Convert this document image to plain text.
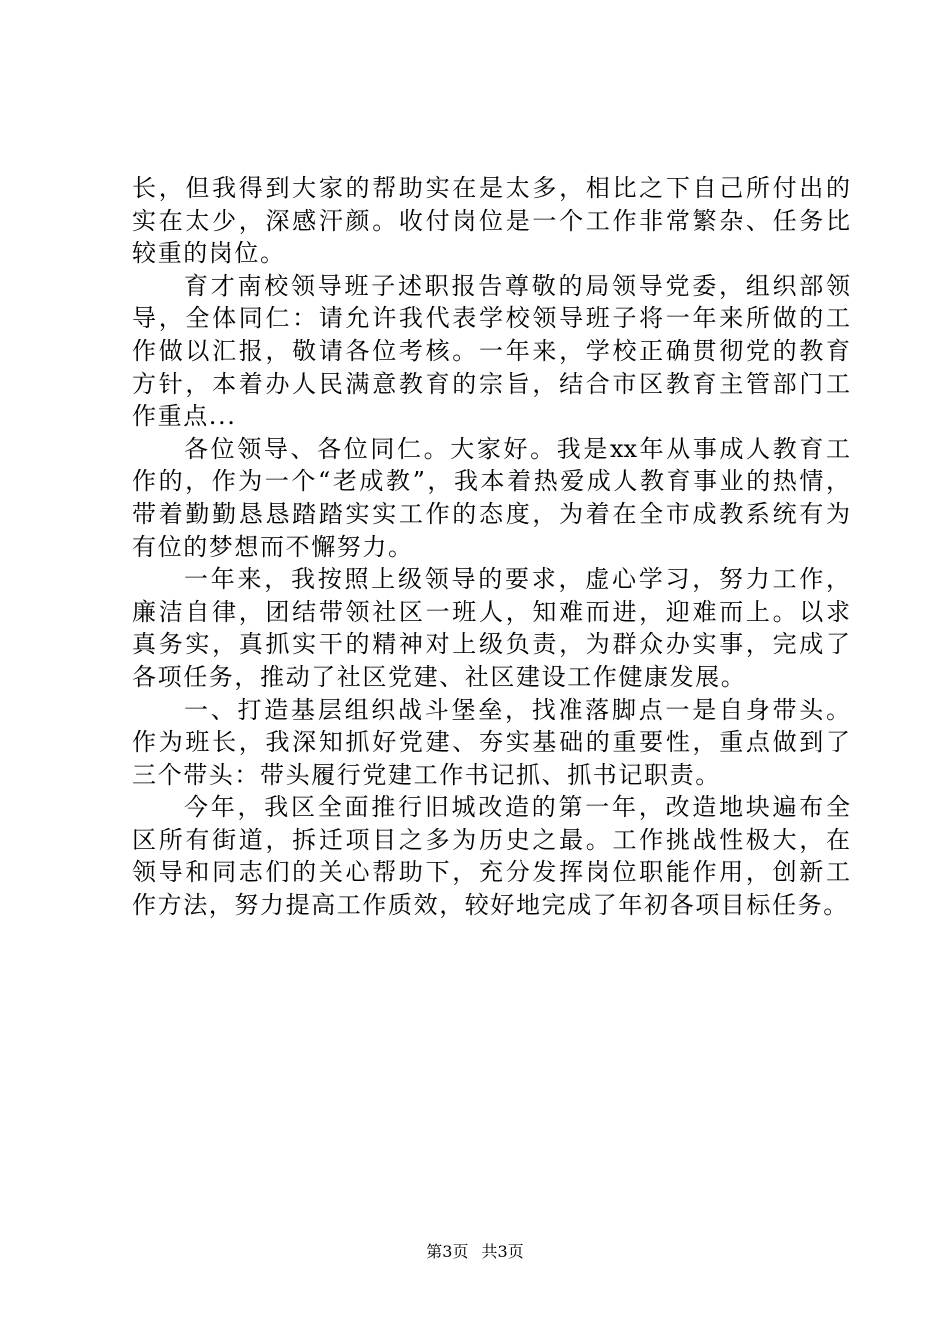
长，但我得到大家的帮助实在是太多，相比之下自己所付出的
实在太少，深感汗颜。收付岗位是一个工作非常繁杂、任务比
较重的岗位。
育才南校领导班子述职报告尊敬的局领导党委，组织部领
导，全体同仁：请允许我代表学校领导班子将一年来所做的工
作做以汇报，敬请各位考核。一年来，学校正确贯彻党的教育
方针，本着办人民满意教育的宗旨，结合市区教育主管部门工
作重点...
各位领导、各位同仁。大家好。我是xx年从事成人教育工
作的，作为一个“老成教”，我本着热爱成人教育事业的热情，
带着勤勤恳恳踏踏实实工作的态度，为着在全市成教系统有为
有位的梦想而不懈努力。
一年来，我按照上级领导的要求，虚心学习，努力工作，
廉洁自律，团结带领社区一班人，知难而进，迎难而上。以求
真务实，真抓实干的精神对上级负责，为群众办实事，完成了
各项任务，推动了社区党建、社区建设工作健康发展。
一、打造基层组织战斗堡垒，找准落脚点一是自身带头。
作为班长，我深知抓好党建、夯实基础的重要性，重点做到了
三个带头：带头履行党建工作书记抓、抓书记职责。
今年，我区全面推行旧城改造的第一年，改造地块遍布全
区所有街道，拆迁项目之多为历史之最。工作挑战性极大，在
领导和同志们的关心帮助下，充分发挥岗位职能作用，创新工
作方法，努力提高工作质效，较好地完成了年初各项目标任务。
第3页 共3页
